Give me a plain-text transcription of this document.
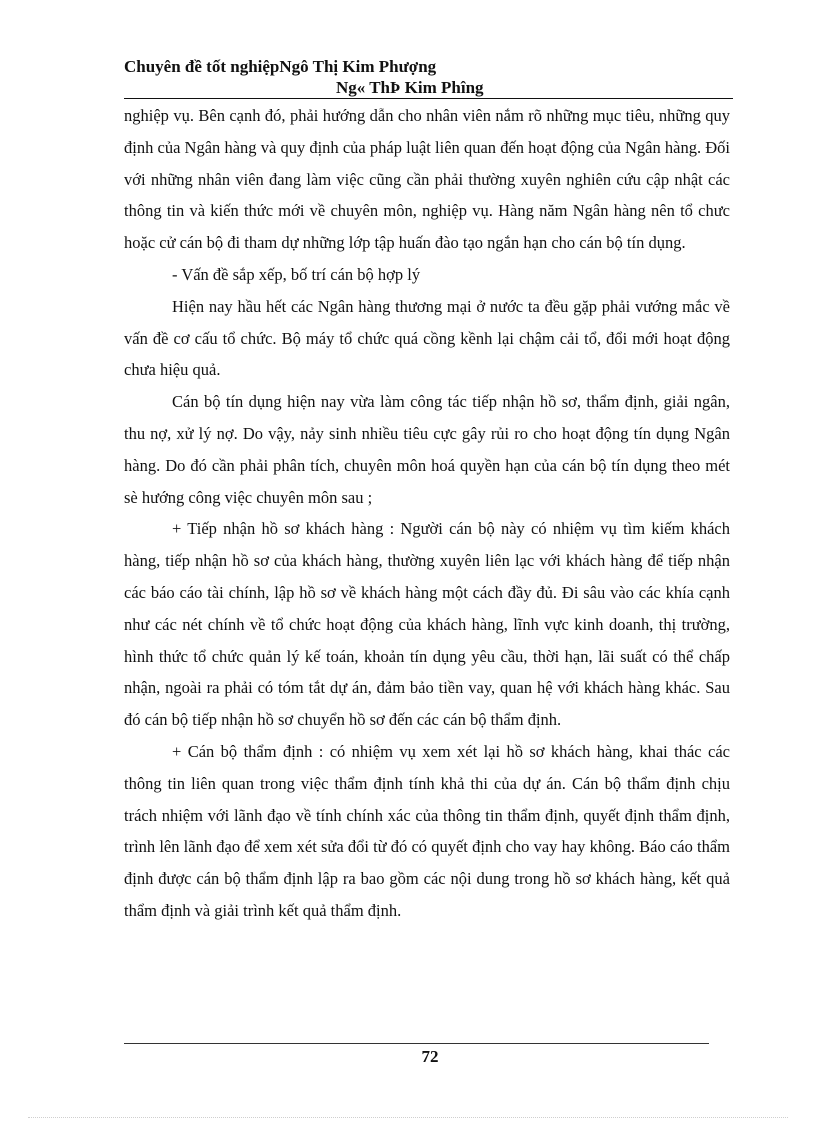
Chuyên đề tốt nghiệpNgô Thị Kim Phượng
Ng« ThÞ Kim Phîng

nghiệp vụ. Bên cạnh đó, phải hướng dẫn cho nhân viên nắm rõ những mục tiêu, những quy định của Ngân hàng và quy định của pháp luật liên quan đến hoạt động của Ngân hàng. Đối với những nhân viên đang làm việc cũng cần phải thường xuyên nghiên cứu cập nhật các thông tin và kiến thức mới về chuyên môn, nghiệp vụ. Hàng năm Ngân hàng nên tổ chưc hoặc cử cán bộ đi tham dự những lớp tập huấn đào tạo ngắn hạn cho cán bộ tín dụng.

- Vấn đề sắp xếp, bố trí cán bộ hợp lý

Hiện nay hầu hết các Ngân hàng thương mại ở nước ta đều gặp phải vướng mắc về vấn đề cơ cấu tổ chức. Bộ máy tổ chức quá cồng kềnh lại chậm cải tổ, đổi mới hoạt động chưa hiệu quả.

Cán bộ tín dụng hiện nay vừa làm công tác tiếp nhận hồ sơ, thẩm định, giải ngân, thu nợ, xử lý nợ. Do vậy, nảy sinh nhiều tiêu cực gây rủi ro cho hoạt động tín dụng Ngân hàng. Do đó cần phải phân tích, chuyên môn hoá quyền hạn của cán bộ tín dụng theo mét sè hướng công việc chuyên môn sau ;

+ Tiếp nhận hồ sơ khách hàng : Người cán bộ này có nhiệm vụ tìm kiếm khách hàng, tiếp nhận hồ sơ của khách hàng, thường xuyên liên lạc với khách hàng để tiếp nhận các báo cáo tài chính, lập hồ sơ về khách hàng một cách đầy đủ. Đi sâu vào các khía cạnh như các nét chính về tổ chức hoạt động của khách hàng, lĩnh vực kinh doanh, thị trường, hình thức tổ chức quản lý kế toán, khoản tín dụng yêu cầu, thời hạn, lãi suất có thể chấp nhận, ngoài ra phải có tóm tắt dự án, đảm bảo tiền vay, quan hệ với khách hàng khác. Sau đó cán bộ tiếp nhận hồ sơ chuyển hồ sơ đến các cán bộ thẩm định.

+ Cán bộ thẩm định : có nhiệm vụ xem xét lại hồ sơ khách hàng, khai thác các thông tin liên quan trong việc thẩm định tính khả thi của dự án. Cán bộ thẩm định chịu trách nhiệm với lãnh đạo về tính chính xác của thông tin thẩm định, quyết định thẩm định, trình lên lãnh đạo để xem xét sửa đổi từ đó có quyết định cho vay hay không. Báo cáo thẩm định được cán bộ thẩm định lập ra bao gồm các nội dung trong hồ sơ khách hàng, kết quả thẩm định và giải trình kết quả thẩm định.

72
